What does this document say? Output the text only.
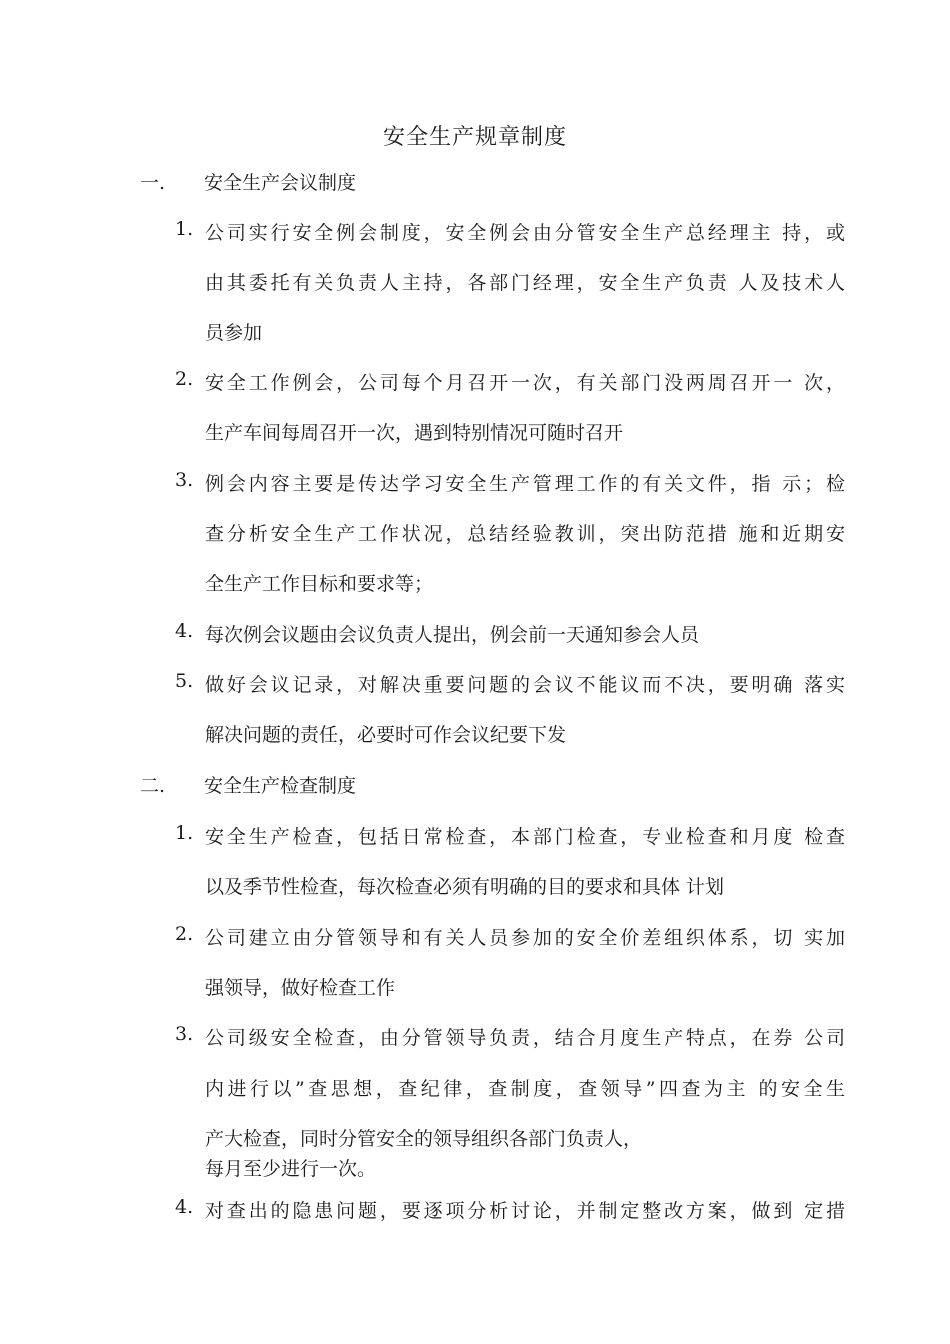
安全生产规章制度
一. 安全生产会议制度
1. 公司实行安全例会制度，安全例会由分管安全生产总经理主 持，或
由其委托有关负责人主持，各部门经理，安全生产负责 人及技术人
员参加
2. 安全工作例会，公司每个月召开一次，有关部门没两周召开一 次，
生产车间每周召开一次，遇到特别情况可随时召开
3. 例会内容主要是传达学习安全生产管理工作的有关文件，指 示；检
查分析安全生产工作状况，总结经验教训，突出防范措 施和近期安
全生产工作目标和要求等；
4. 每次例会议题由会议负责人提出，例会前一天通知参会人员
5. 做好会议记录，对解决重要问题的会议不能议而不决，要明确 落实
解决问题的责任，必要时可作会议纪要下发
二. 安全生产检查制度
1. 安全生产检查，包括日常检查，本部门检查，专业检查和月度 检查
以及季节性检查，每次检查必须有明确的目的要求和具体 计划
2. 公司建立由分管领导和有关人员参加的安全价差组织体系，切 实加
强领导，做好检查工作
3. 公司级安全检查，由分管领导负责，结合月度生产特点，在券 公司
内进行以”查思想，查纪律，查制度，查领导”四查为主 的安全生
产大检查，同时分管安全的领导组织各部门负责人，
每月至少进行一次。
4. 对查出的隐患问题，要逐项分析讨论，并制定整改方案，做到 定措
